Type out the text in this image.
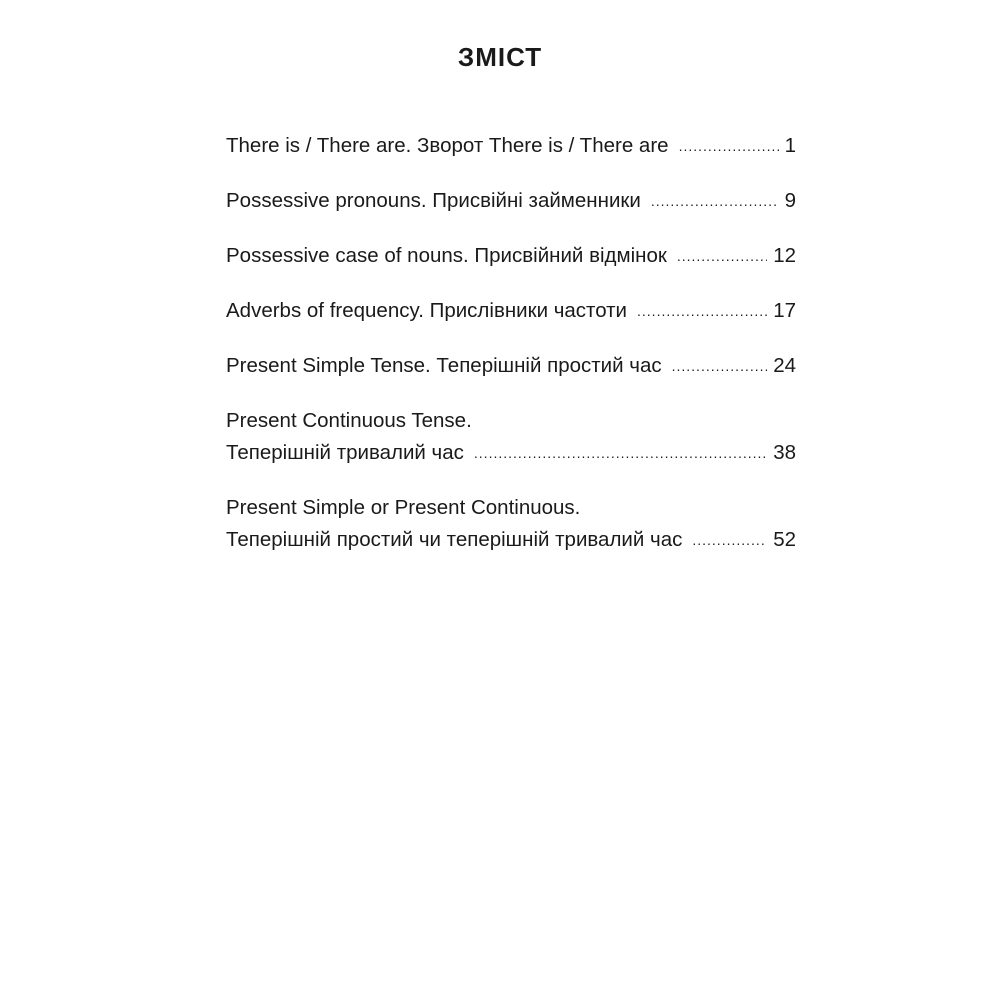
ЗМІСТ
There is / There are. Зворот There is / There are .....	1
Possessive pronouns. Присвійні займенники .....	9
Possessive case of nouns. Присвійний відмінок .....	12
Adverbs of frequency. Прислівники частоти .....	17
Present Simple Tense. Теперішній простий час .....	24
Present Continuous Tense.
Теперішній тривалий час .....	38
Present Simple or Present Continuous.
Теперішній простий чи теперішній тривалий час .....	52
